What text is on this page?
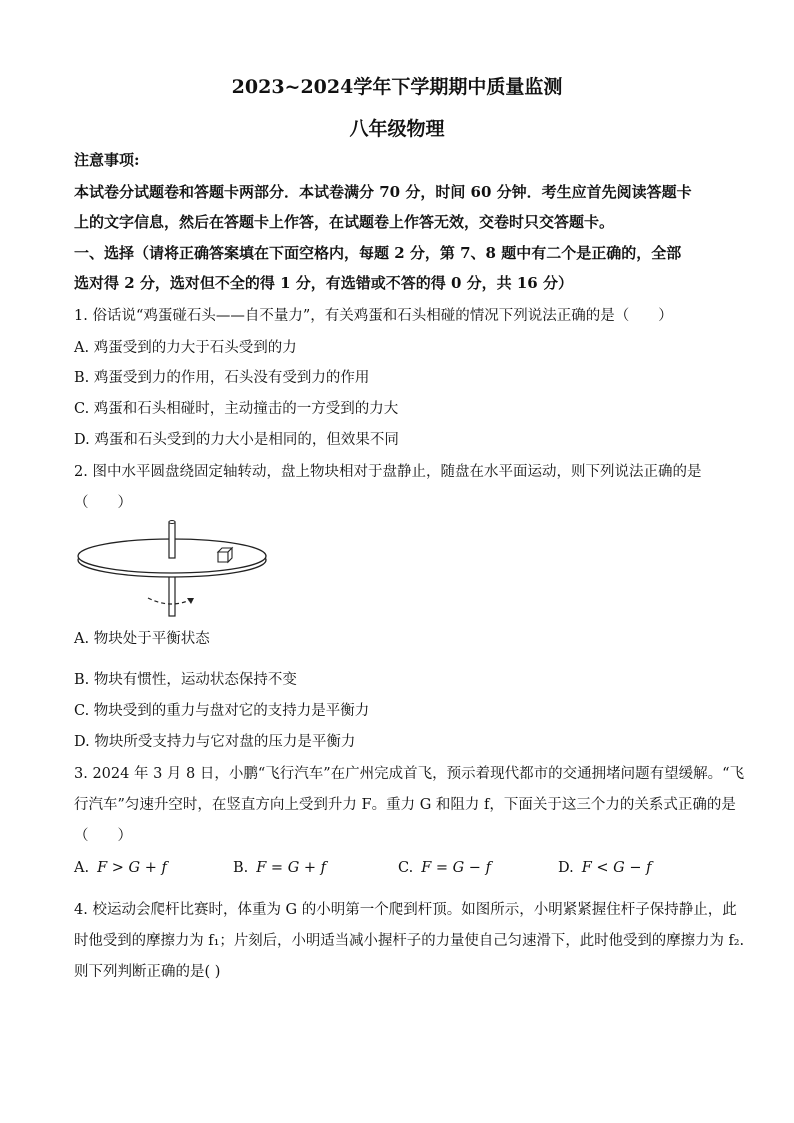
2023~2024学年下学期期中质量监测
八年级物理
注意事项:
本试卷分试题卷和答题卡两部分．本试卷满分 70 分，时间 60 分钟．考生应首先阅读答题卡
上的文字信息，然后在答题卡上作答，在试题卷上作答无效，交卷时只交答题卡。
一、选择（请将正确答案填在下面空格内，每题 2 分，第 7、8 题中有二个是正确的，全部
选对得 2 分，选对但不全的得 1 分，有选错或不答的得 0 分，共 16 分）
1. 俗话说“鸡蛋碰石头——自不量力”，有关鸡蛋和石头相碰的情况下列说法正确的是（　　）
A. 鸡蛋受到的力大于石头受到的力
B. 鸡蛋受到力的作用，石头没有受到力的作用
C. 鸡蛋和石头相碰时，主动撞击的一方受到的力大
D. 鸡蛋和石头受到的力大小是相同的，但效果不同
2. 图中水平圆盘绕固定轴转动，盘上物块相对于盘静止，随盘在水平面运动，则下列说法正确的是
（　　）
A. 物块处于平衡状态
B. 物块有惯性，运动状态保持不变
C. 物块受到的重力与盘对它的支持力是平衡力
D. 物块所受支持力与它对盘的压力是平衡力
3. 2024 年 3 月 8 日，小鹏“飞行汽车”在广州完成首飞，预示着现代都市的交通拥堵问题有望缓解。“飞
行汽车”匀速升空时，在竖直方向上受到升力 F。重力 G 和阻力 f，下面关于这三个力的关系式正确的是
（　　）
A. F > G + f	B. F = G + f	C. F = G − f	D. F < G − f
4. 校运动会爬杆比赛时，体重为 G 的小明第一个爬到杆顶。如图所示，小明紧紧握住杆子保持静止，此
时他受到的摩擦力为 f₁；片刻后，小明适当减小握杆子的力量使自己匀速滑下，此时他受到的摩擦力为 f₂.
则下列判断正确的是( )
